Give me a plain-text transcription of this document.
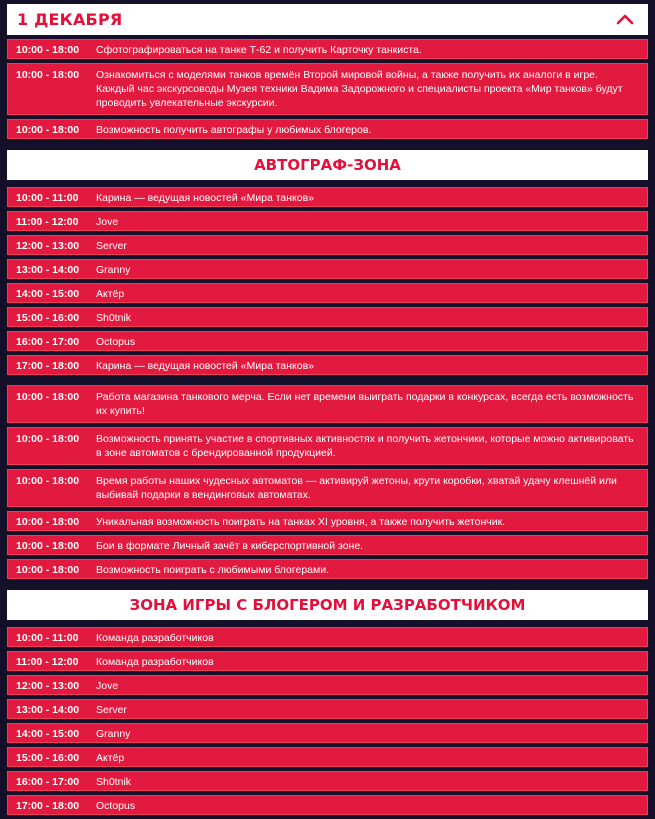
1 ДЕКАБРЯ
10:00 - 18:00	Сфотографироваться на танке Т-62 и получить Карточку танкиста.
10:00 - 18:00	Ознакомиться с моделями танков времён Второй мировой войны, а также получить их аналоги в игре. Каждый час экскурсоводы Музея техники Вадима Задорожного и специалисты проекта «Мир танков» будут проводить увлекательные экскурсии.
10:00 - 18:00	Возможность получить автографы у любимых блогеров.
АВТОГРАФ-ЗОНА
10:00 - 11:00	Карина — ведущая новостей «Мира танков»
11:00 - 12:00	Jove
12:00 - 13:00	Server
13:00 - 14:00	Granny
14:00 - 15:00	Актёр
15:00 - 16:00	Sh0tnik
16:00 - 17:00	Octopus
17:00 - 18:00	Карина — ведущая новостей «Мира танков»
10:00 - 18:00	Работа магазина танкового мерча. Если нет времени выиграть подарки в конкурсах, всегда есть возможность их купить!
10:00 - 18:00	Возможность принять участие в спортивных активностях и получить жетончики, которые можно активировать в зоне автоматов с брендированной продукцией.
10:00 - 18:00	Время работы наших чудесных автоматов — активируй жетоны, крути коробки, хватай удачу клешнёй или выбивай подарки в вендинговых автоматах.
10:00 - 18:00	Уникальная возможность поиграть на танках XI уровня, а также получить жетончик.
10:00 - 18:00	Бои в формате Личный зачёт в киберспортивной зоне.
10:00 - 18:00	Возможность поиграть с любимыми блогерами.
ЗОНА ИГРЫ С БЛОГЕРОМ И РАЗРАБОТЧИКОМ
10:00 - 11:00	Команда разработчиков
11:00 - 12:00	Команда разработчиков
12:00 - 13:00	Jove
13:00 - 14:00	Server
14:00 - 15:00	Granny
15:00 - 16:00	Актёр
16:00 - 17:00	Sh0tnik
17:00 - 18:00	Octopus
